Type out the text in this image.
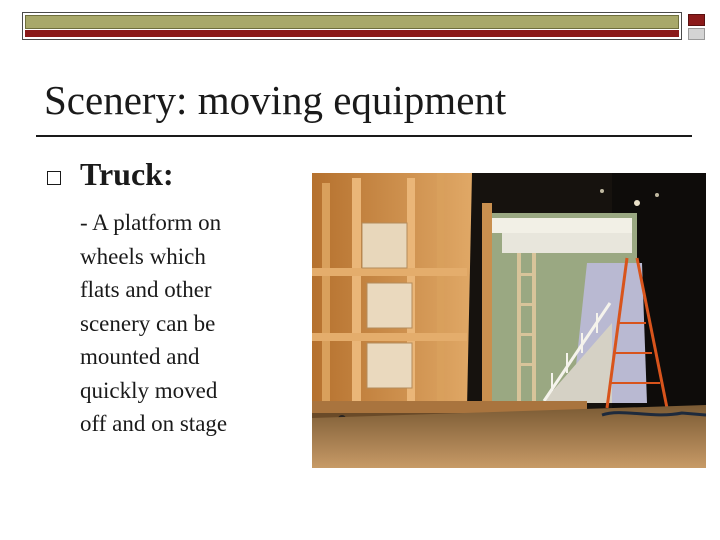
Scenery: moving equipment
Truck:
- A platform on
wheels which
flats and other
scenery can be
mounted and
quickly moved
off and on stage
